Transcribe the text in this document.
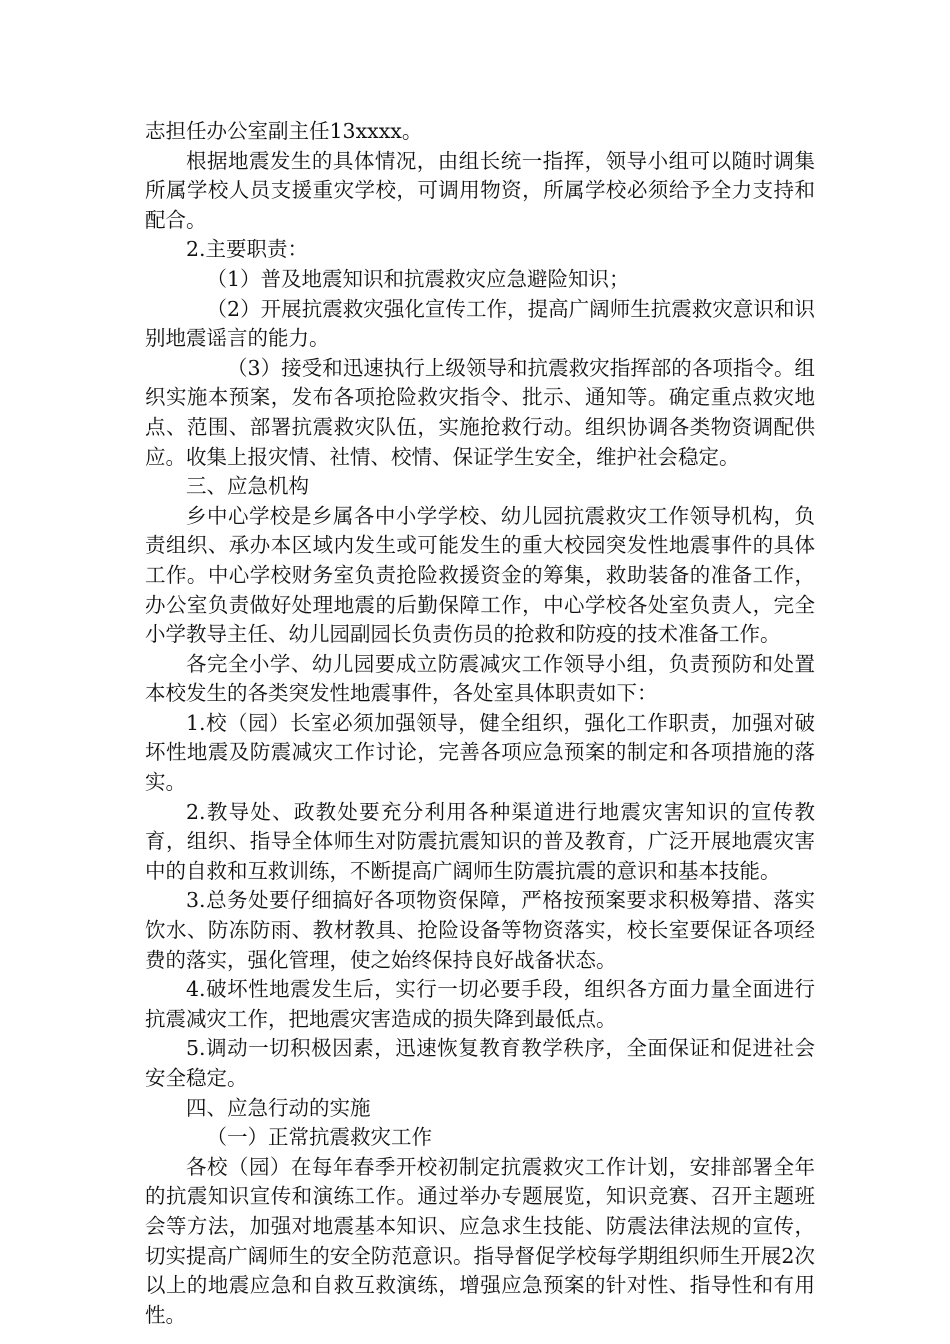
志担任办公室副主任13xxxx。

根据地震发生的具体情况，由组长统一指挥，领导小组可以随时调集所属学校人员支援重灾学校，可调用物资，所属学校必须给予全力支持和配合。

2.主要职责：

（1）普及地震知识和抗震救灾应急避险知识；

（2）开展抗震救灾强化宣传工作，提高广阔师生抗震救灾意识和识别地震谣言的能力。

（3）接受和迅速执行上级领导和抗震救灾指挥部的各项指令。组织实施本预案，发布各项抢险救灾指令、批示、通知等。确定重点救灾地点、范围、部署抗震救灾队伍，实施抢救行动。组织协调各类物资调配供应。收集上报灾情、社情、校情、保证学生安全，维护社会稳定。

三、应急机构

乡中心学校是乡属各中小学学校、幼儿园抗震救灾工作领导机构，负责组织、承办本区域内发生或可能发生的重大校园突发性地震事件的具体工作。中心学校财务室负责抢险救援资金的筹集，救助装备的准备工作，办公室负责做好处理地震的后勤保障工作，中心学校各处室负责人，完全小学教导主任、幼儿园副园长负责伤员的抢救和防疫的技术准备工作。

各完全小学、幼儿园要成立防震减灾工作领导小组，负责预防和处置本校发生的各类突发性地震事件，各处室具体职责如下：

1.校（园）长室必须加强领导，健全组织，强化工作职责，加强对破坏性地震及防震减灾工作讨论，完善各项应急预案的制定和各项措施的落实。

2.教导处、政教处要充分利用各种渠道进行地震灾害知识的宣传教育，组织、指导全体师生对防震抗震知识的普及教育，广泛开展地震灾害中的自救和互救训练，不断提高广阔师生防震抗震的意识和基本技能。

3.总务处要仔细搞好各项物资保障，严格按预案要求积极筹措、落实饮水、防冻防雨、教材教具、抢险设备等物资落实，校长室要保证各项经费的落实，强化管理，使之始终保持良好战备状态。

4.破坏性地震发生后，实行一切必要手段，组织各方面力量全面进行抗震减灾工作，把地震灾害造成的损失降到最低点。

5.调动一切积极因素，迅速恢复教育教学秩序，全面保证和促进社会安全稳定。

四、应急行动的实施

（一）正常抗震救灾工作

各校（园）在每年春季开校初制定抗震救灾工作计划，安排部署全年的抗震知识宣传和演练工作。通过举办专题展览，知识竞赛、召开主题班会等方法，加强对地震基本知识、应急求生技能、防震法律法规的宣传，切实提高广阔师生的安全防范意识。指导督促学校每学期组织师生开展2次以上的地震应急和自救互救演练，增强应急预案的针对性、指导性和有用性。
